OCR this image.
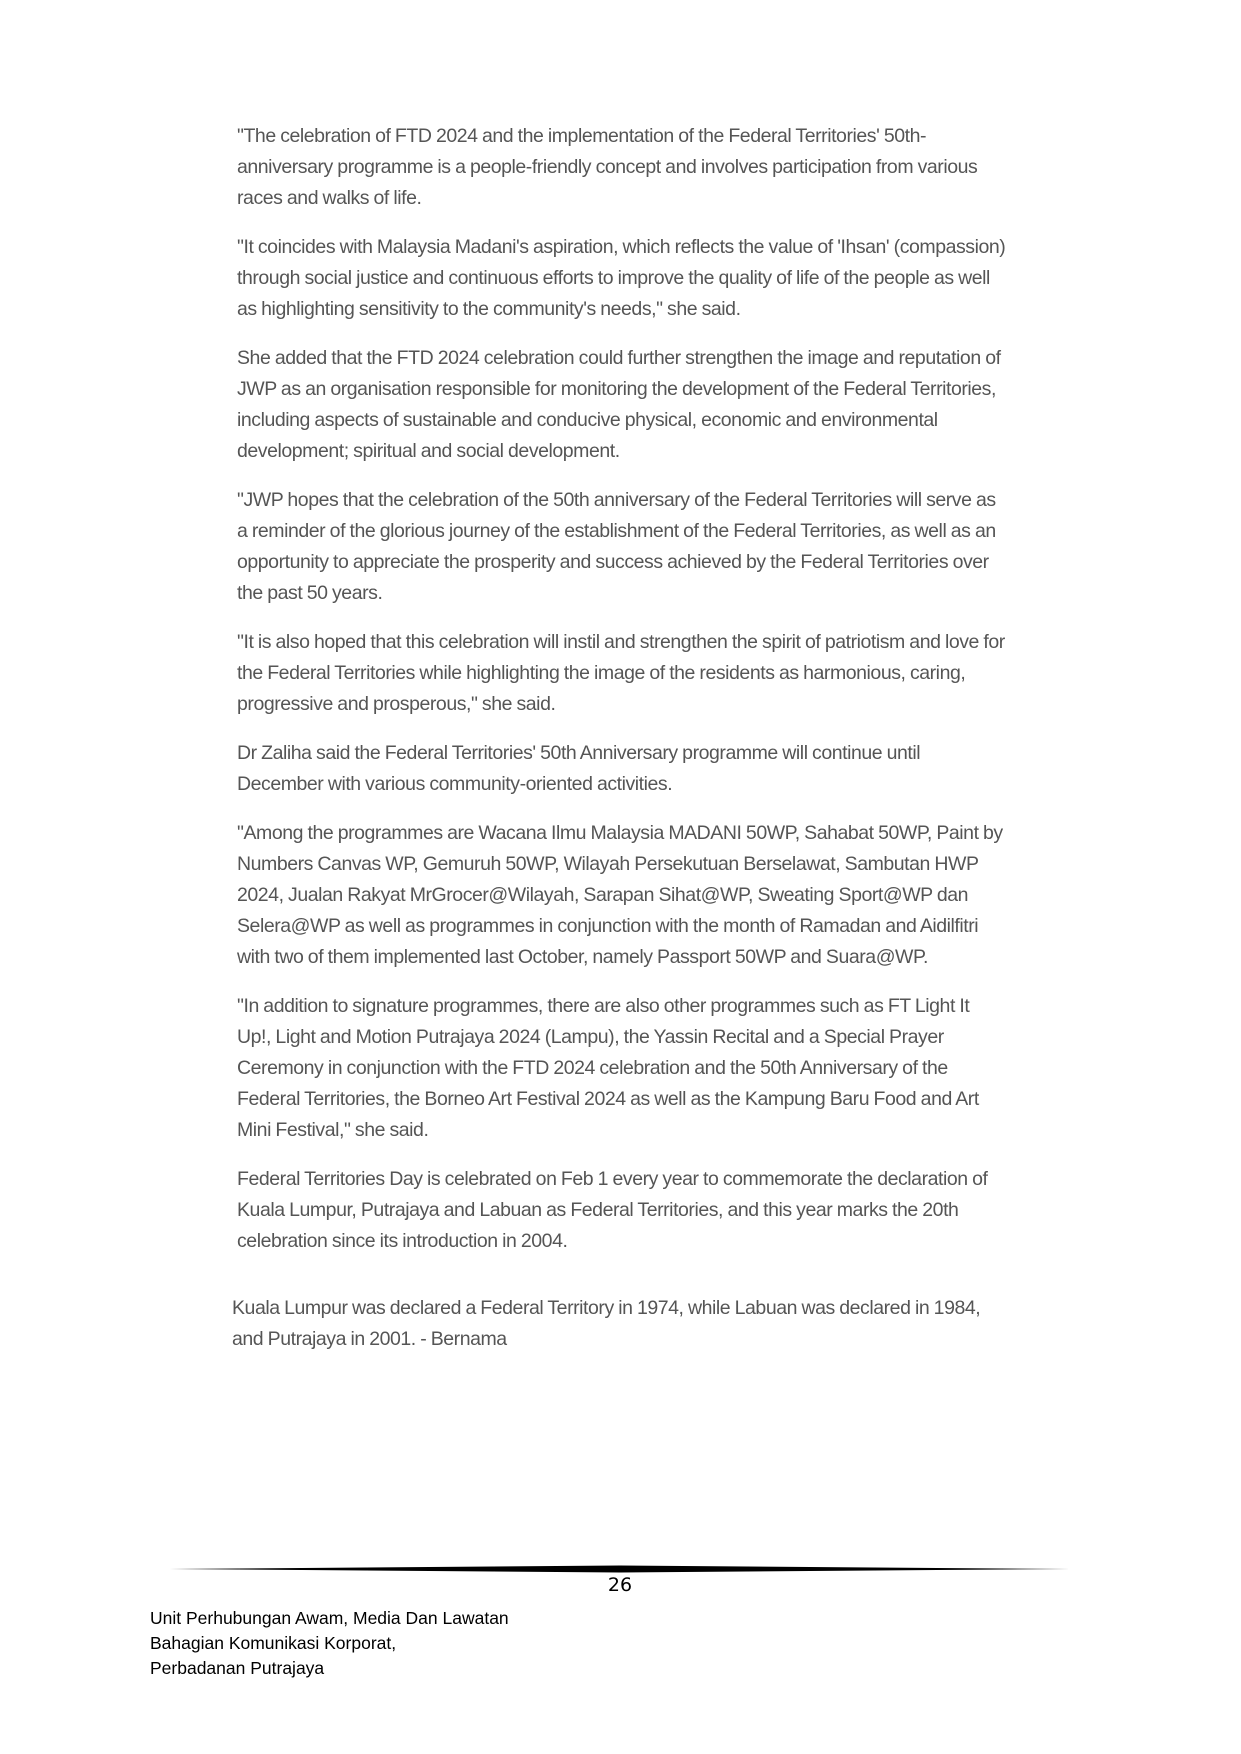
"The celebration of FTD 2024 and the implementation of the Federal Territories' 50th-anniversary programme is a people-friendly concept and involves participation from various races and walks of life.

"It coincides with Malaysia Madani's aspiration, which reflects the value of 'Ihsan' (compassion) through social justice and continuous efforts to improve the quality of life of the people as well as highlighting sensitivity to the community's needs," she said.

She added that the FTD 2024 celebration could further strengthen the image and reputation of JWP as an organisation responsible for monitoring the development of the Federal Territories, including aspects of sustainable and conducive physical, economic and environmental development; spiritual and social development.

"JWP hopes that the celebration of the 50th anniversary of the Federal Territories will serve as a reminder of the glorious journey of the establishment of the Federal Territories, as well as an opportunity to appreciate the prosperity and success achieved by the Federal Territories over the past 50 years.

"It is also hoped that this celebration will instil and strengthen the spirit of patriotism and love for the Federal Territories while highlighting the image of the residents as harmonious, caring, progressive and prosperous," she said.

Dr Zaliha said the Federal Territories' 50th Anniversary programme will continue until December with various community-oriented activities.

"Among the programmes are Wacana Ilmu Malaysia MADANI 50WP, Sahabat 50WP, Paint by Numbers Canvas WP, Gemuruh 50WP, Wilayah Persekutuan Berselawat, Sambutan HWP 2024, Jualan Rakyat MrGrocer@Wilayah, Sarapan Sihat@WP, Sweating Sport@WP dan Selera@WP as well as programmes in conjunction with the month of Ramadan and Aidilfitri with two of them implemented last October, namely Passport 50WP and Suara@WP.

"In addition to signature programmes, there are also other programmes such as FT Light It Up!, Light and Motion Putrajaya 2024 (Lampu), the Yassin Recital and a Special Prayer Ceremony in conjunction with the FTD 2024 celebration and the 50th Anniversary of the Federal Territories, the Borneo Art Festival 2024 as well as the Kampung Baru Food and Art Mini Festival," she said.

Federal Territories Day is celebrated on Feb 1 every year to commemorate the declaration of Kuala Lumpur, Putrajaya and Labuan as Federal Territories, and this year marks the 20th celebration since its introduction in 2004.

Kuala Lumpur was declared a Federal Territory in 1974, while Labuan was declared in 1984, and Putrajaya in 2001. - Bernama

26
Unit Perhubungan Awam, Media Dan Lawatan
Bahagian Komunikasi Korporat,
Perbadanan Putrajaya
